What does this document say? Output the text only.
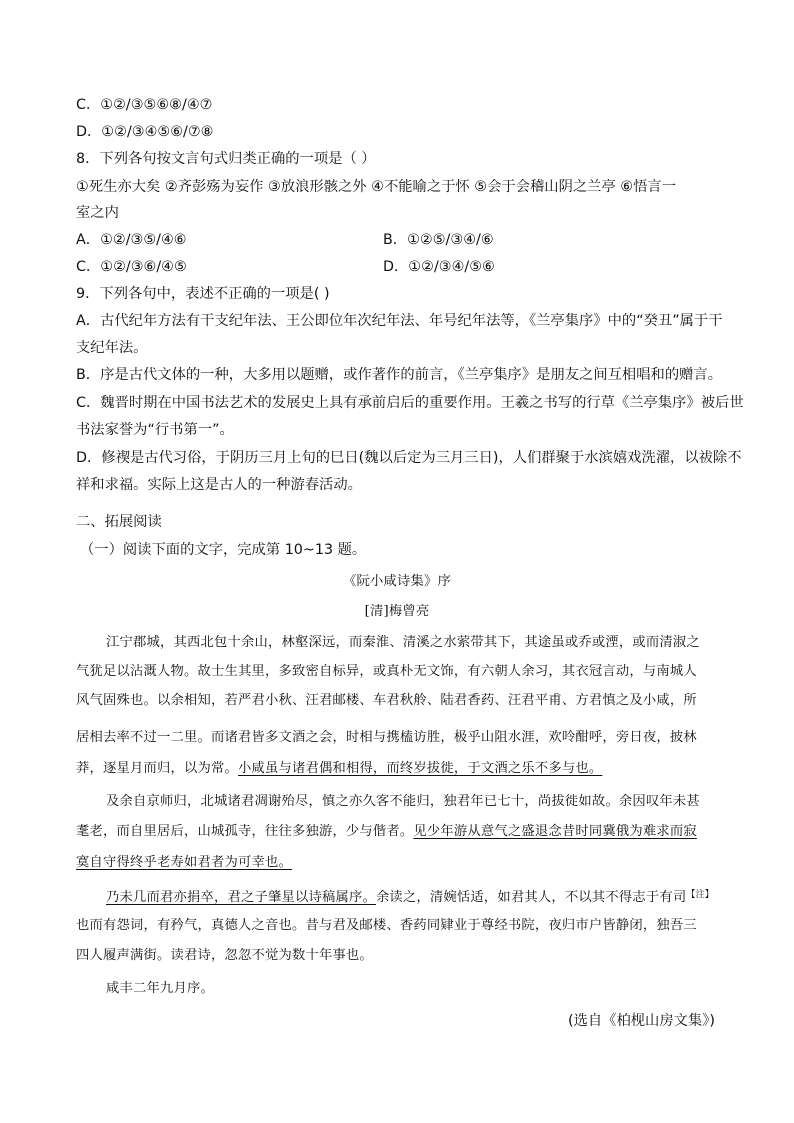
C．①②/③⑤⑥⑧/④⑦
D．①②/③④⑤⑥/⑦⑧
8．下列各句按文言句式归类正确的一项是（ ）
①死生亦大矣 ②齐彭殇为妄作 ③放浪形骸之外 ④不能喻之于怀 ⑤会于会稽山阴之兰亭 ⑥悟言一
室之内
A．①②/③⑤/④⑥	B．①②⑤/③④/⑥
C．①②/③⑥/④⑤	D．①②/③④/⑤⑥
9．下列各句中，表述不正确的一项是( )
A．古代纪年方法有干支纪年法、王公即位年次纪年法、年号纪年法等，《兰亭集序》中的“癸丑”属于干
支纪年法。
B．序是古代文体的一种，大多用以题赠，或作著作的前言，《兰亭集序》是朋友之间互相唱和的赠言。
C．魏晋时期在中国书法艺术的发展史上具有承前启后的重要作用。王羲之书写的行草《兰亭集序》被后世
书法家誉为“行书第一”。
D．修禊是古代习俗，于阴历三月上旬的巳日(魏以后定为三月三日)，人们群聚于水滨嬉戏洗濯，以祓除不
祥和求福。实际上这是古人的一种游春活动。
二、拓展阅读
（一）阅读下面的文字，完成第 10~13 题。
《阮小咸诗集》序
[清]梅曾亮
江宁郡城，其西北包十余山，林壑深远，而秦淮、清溪之水萦带其下，其途虽或乔或湮，或而清淑之
气犹足以沾溉人物。故士生其里，多致密自标异，或真朴无文饰，有六朝人余习，其衣冠言动，与南城人
风气固殊也。以余相知，若严君小秋、汪君邮楼、车君秋舲、陆君香药、汪君平甫、方君慎之及小咸，所
居相去率不过一二里。而诸君皆多文酒之会，时相与携榼访胜，极乎山阻水涯，欢呤酣呼，旁日夜，披林
莽，逐星月而归，以为常。小咸虽与诸君偶和相得，而终岁拔徙，于文酒之乐不多与也。
及余自京师归，北城诸君凋谢殆尽，慎之亦久客不能归，独君年已七十，尚拔徙如故。余因叹年未甚
耄老，而自里居后，山城孤寺，往往多独游，少与偕者。见少年游从意气之盛退念昔时同冀俄为难求而寂
寞自守得终乎老寿如君者为可幸也。
乃未几而君亦捐卒，君之子肇星以诗稿属序。余读之，清婉恬适，如君其人，不以其不得志于有司$^{【注】}$
也而有怨词，有矜气，真德人之音也。昔与君及邮楼、香药同肄业于尊经书院，夜归市户皆静闭，独吾三
四人履声满街。读君诗，忽忽不觉为数十年事也。
咸丰二年九月序。
(选自《柏枧山房文集》)
